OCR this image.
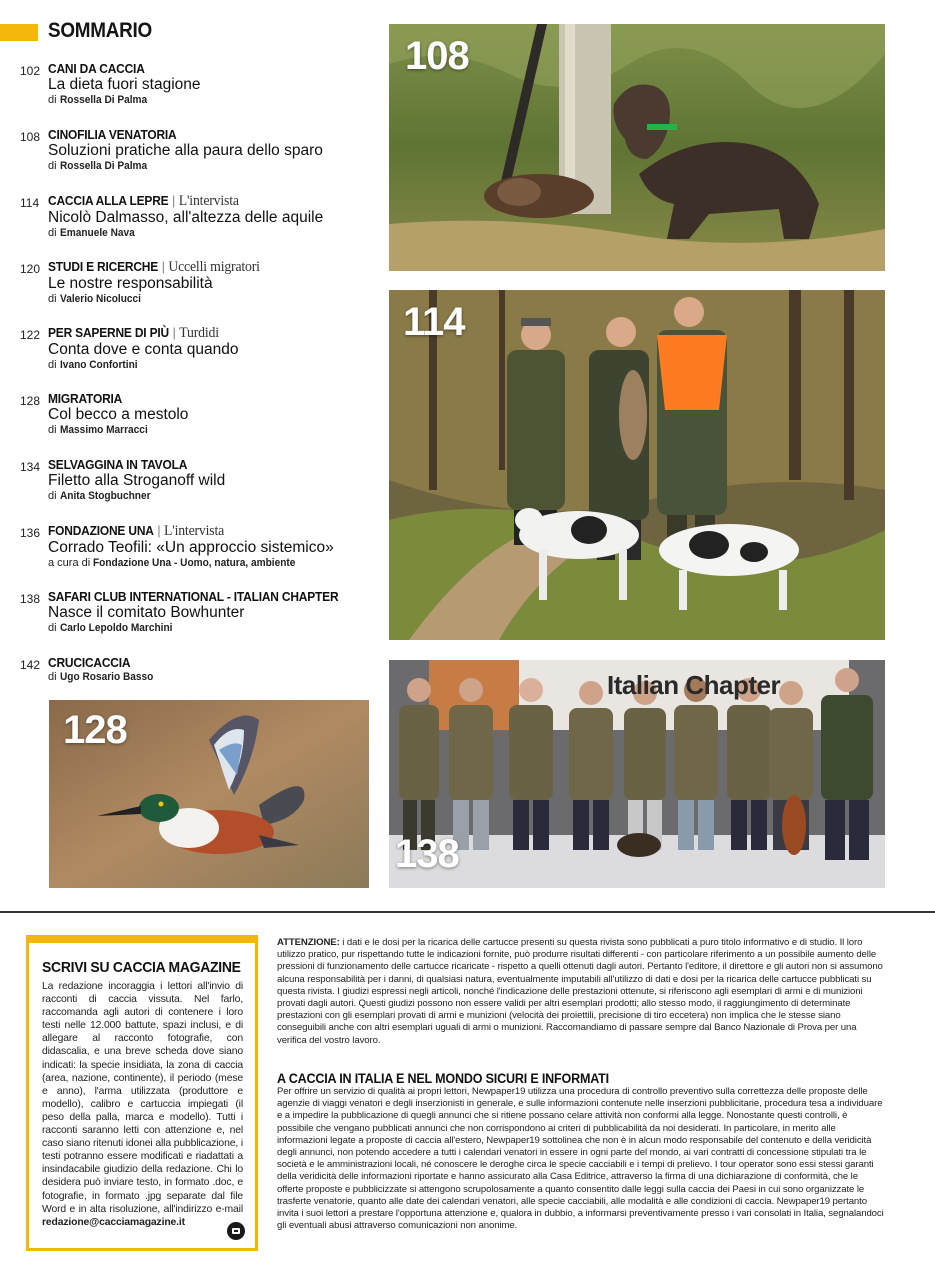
SOMMARIO
102 CANI DA CACCIA
La dieta fuori stagione
di Rossella Di Palma
108 CINOFILIA VENATORIA
Soluzioni pratiche alla paura dello sparo
di Rossella Di Palma
114 CACCIA ALLA LEPRE | L'intervista
Nicolò Dalmasso, all'altezza delle aquile
di Emanuele Nava
120 STUDI E RICERCHE | Uccelli migratori
Le nostre responsabilità
di Valerio Nicolucci
122 PER SAPERNE DI PIÙ | Turdidi
Conta dove e conta quando
di Ivano Confortini
128 MIGRATORIA
Col becco a mestolo
di Massimo Marracci
134 SELVAGGINA IN TAVOLA
Filetto alla Stroganoff wild
di Anita Stogbuchner
136 FONDAZIONE UNA | L'intervista
Corrado Teofili: «Un approccio sistemico»
a cura di Fondazione Una - Uomo, natura, ambiente
138 SAFARI CLUB INTERNATIONAL - ITALIAN CHAPTER
Nasce il comitato Bowhunter
di Carlo Lepoldo Marchini
142 CRUCICACCIA
di Ugo Rosario Basso
108
114
128
Italian Chapter
138
SCRIVI SU CACCIA MAGAZINE
La redazione incoraggia i lettori all'invio di racconti di caccia vissuta. Nel farlo, raccomanda agli autori di contenere i loro testi nelle 12.000 battute, spazi inclusi, e di allegare al racconto fotografie, con didascalia, e una breve scheda dove siano indicati: la specie insidiata, la zona di caccia (area, nazione, continente), il periodo (mese e anno), l'arma utilizzata (produttore e modello), calibro e cartuccia impiegati (il peso della palla, marca e modello). Tutti i racconti saranno letti con attenzione e, nel caso siano ritenuti idonei alla pubblicazione, i testi potranno essere modificati e riadattati a insindacabile giudizio della redazione. Chi lo desidera può inviare testo, in formato .doc, e fotografie, in formato .jpg separate dal file Word e in alta risoluzione, all'indirizzo e-mail redazione@cacciamagazine.it
ATTENZIONE: i dati e le dosi per la ricarica delle cartucce presenti su questa rivista sono pubblicati a puro titolo informativo e di studio. Il loro utilizzo pratico, pur rispettando tutte le indicazioni fornite, può produrre risultati differenti - con particolare riferimento a un possibile aumento delle pressioni di funzionamento delle cartucce ricaricate - rispetto a quelli ottenuti dagli autori. Pertanto l'editore, il direttore e gli autori non si assumono alcuna responsabilità per i danni, di qualsiasi natura, eventualmente imputabili all'utilizzo di dati e dosi per la ricarica delle cartucce pubblicati su questa rivista. I giudizi espressi negli articoli, nonché l'indicazione delle prestazioni ottenute, si riferiscono agli esemplari di armi e di munizioni provati dagli autori. Questi giudizi possono non essere validi per altri esemplari prodotti; allo stesso modo, il raggiungimento di determinate prestazioni con gli esemplari provati di armi e munizioni (velocità dei proiettili, precisione di tiro eccetera) non implica che le stesse siano conseguibili anche con altri esemplari uguali di armi o munizioni. Raccomandiamo di passare sempre dal Banco Nazionale di Prova per una verifica del vostro lavoro.
A CACCIA IN ITALIA E NEL MONDO SICURI E INFORMATI
Per offrire un servizio di qualità ai propri lettori, Newpaper19 utilizza una procedura di controllo preventivo sulla correttezza delle proposte delle agenzie di viaggi venatori e degli inserzionisti in generale, e sulle informazioni contenute nelle inserzioni pubblicitarie, procedura tesa a individuare e a impedire la pubblicazione di quegli annunci che si ritiene possano celare attività non conformi alla legge. Nonostante questi controlli, è possibile che vengano pubblicati annunci che non corrispondono ai criteri di pubblicabilità da noi desiderati. In particolare, in merito alle informazioni legate a proposte di caccia all'estero, Newpaper19 sottolinea che non è in alcun modo responsabile del contenuto e della veridicità degli annunci, non potendo accedere a tutti i calendari venatori in essere in ogni parte del mondo, ai vari contratti di concessione stipulati tra le società e le amministrazioni locali, né conoscere le deroghe circa le specie cacciabili e i tempi di prelievo. I tour operator sono essi stessi garanti della veridicità delle informazioni riportate e hanno assicurato alla Casa Editrice, attraverso la firma di una dichiarazione di conformità, che le offerte proposte e pubblicizzate si attengono scrupolosamente a quanto consentito dalle leggi sulla caccia dei Paesi in cui sono organizzate le trasferte venatorie, quanto alle date dei calendari venatori, alle specie cacciabili, alle modalità e alle condizioni di caccia. Newpaper19 pertanto invita i suoi lettori a prestare l'opportuna attenzione e, qualora in dubbio, a informarsi preventivamente presso i vari consolati in Italia, segnalandoci gli eventuali abusi attraverso comunicazioni non anonime.
